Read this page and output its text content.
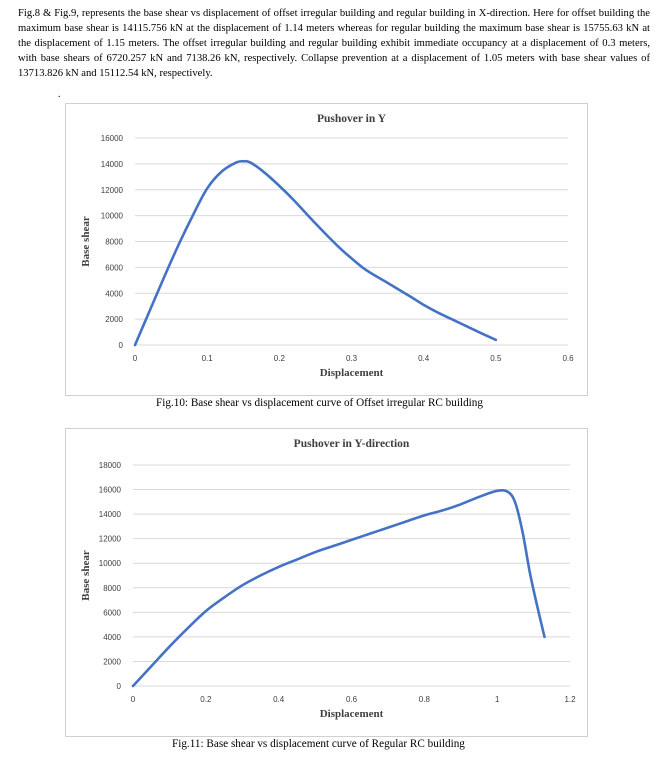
Fig.8 & Fig.9, represents the base shear vs displacement of offset irregular building and regular building in X-direction. Here for offset building the maximum base shear is 14115.756 kN at the displacement of 1.14 meters whereas for regular building the maximum base shear is 15755.63 kN at the displacement of 1.15 meters. The offset irregular building and regular building exhibit immediate occupancy at a displacement of 0.3 meters, with base shears of 6720.257 kN and 7138.26 kN, respectively. Collapse prevention at a displacement of 1.05 meters with base shear values of 13713.826 kN and 15112.54 kN, respectively.
.
Pushover in Y
0
2000
4000
6000
8000
10000
12000
14000
16000
0	0.1	0.2	0.3	0.4	0.5	0.6
Displacement
Base shear
Fig.10: Base shear vs displacement curve of Offset irregular RC building
Pushover in Y-direction
0
2000
4000
6000
8000
10000
12000
14000
16000
18000
0	0.2	0.4	0.6	0.8	1	1.2
Displacement
Base shear
Fig.11: Base shear vs displacement curve of Regular RC building
